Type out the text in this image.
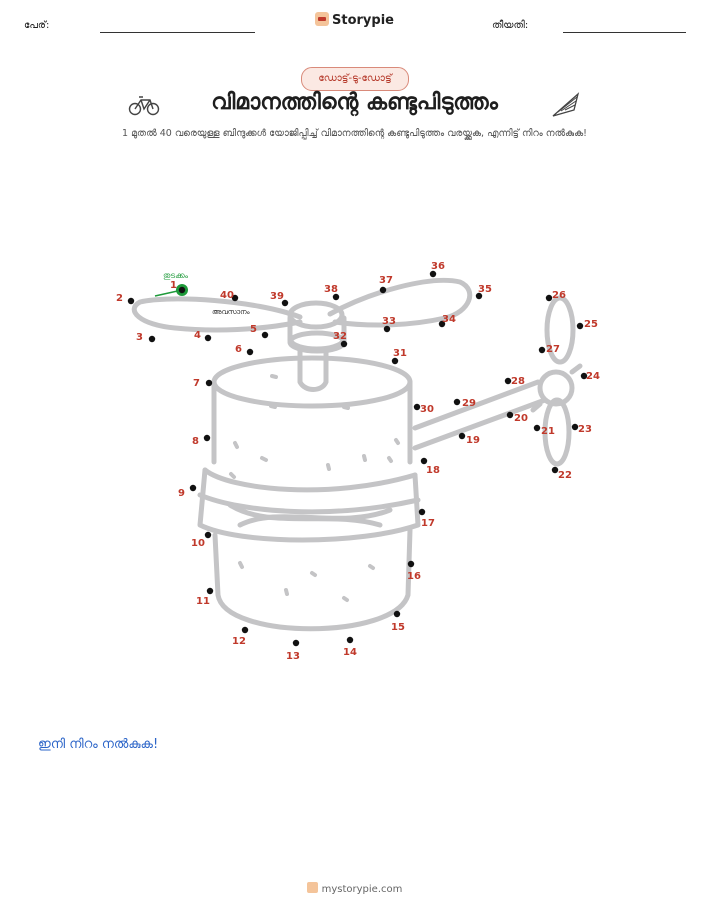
പേര്:	Storypie	തീയതി:
ഡോട്ട്-ടു-ഡോട്ട്
വിമാനത്തിന്റെ കണ്ടുപിടുത്തം
1 മുതൽ 40 വരെയുള്ള ബിന്ദുക്കൾ യോജിപ്പിച്ച് വിമാനത്തിന്റെ കണ്ടുപിടുത്തം വരയ്ക്കുക, എന്നിട്ട് നിറം നൽകുക!
തുടക്കം
അവസാനം
1
2
3	4
5
6
7
8
9
10
11
12
13	14
15
16
17
18
19
20
21
22
23
24
25
26
27
28
29
30
31
32
33	34
35
36
37
38
39
40
ഇനി നിറം നൽകുക!
mystorypie.com
